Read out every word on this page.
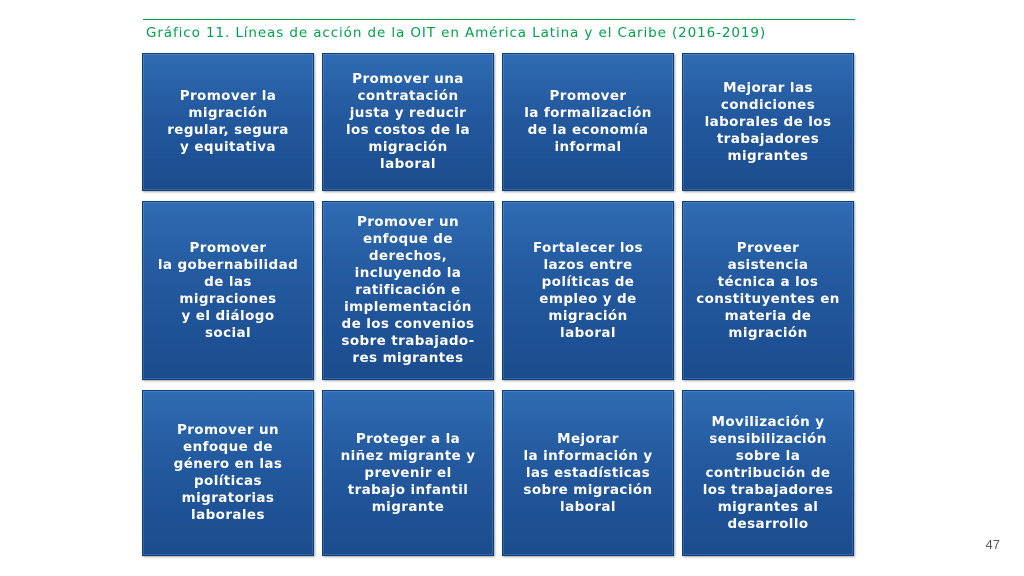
Gráfico 11. Líneas de acción de la OIT en América Latina y el Caribe (2016-2019)
Promover la
migración
regular, segura
y equitativa
Promover una
contratación
justa y reducir
los costos de la
migración
laboral
Promover
la formalización
de la economía
informal
Mejorar las
condiciones
laborales de los
trabajadores
migrantes
Promover
la gobernabilidad
de las
migraciones
y el diálogo
social
Promover un
enfoque de
derechos,
incluyendo la
ratificación e
implementación
de los convenios
sobre trabajado-
res migrantes
Fortalecer los
lazos entre
políticas de
empleo y de
migración
laboral
Proveer
asistencia
técnica a los
constituyentes en
materia de
migración
Promover un
enfoque de
género en las
políticas
migratorias
laborales
Proteger a la
niñez migrante y
prevenir el
trabajo infantil
migrante
Mejorar
la información y
las estadísticas
sobre migración
laboral
Movilización y
sensibilización
sobre la
contribución de
los trabajadores
migrantes al
desarrollo
47
